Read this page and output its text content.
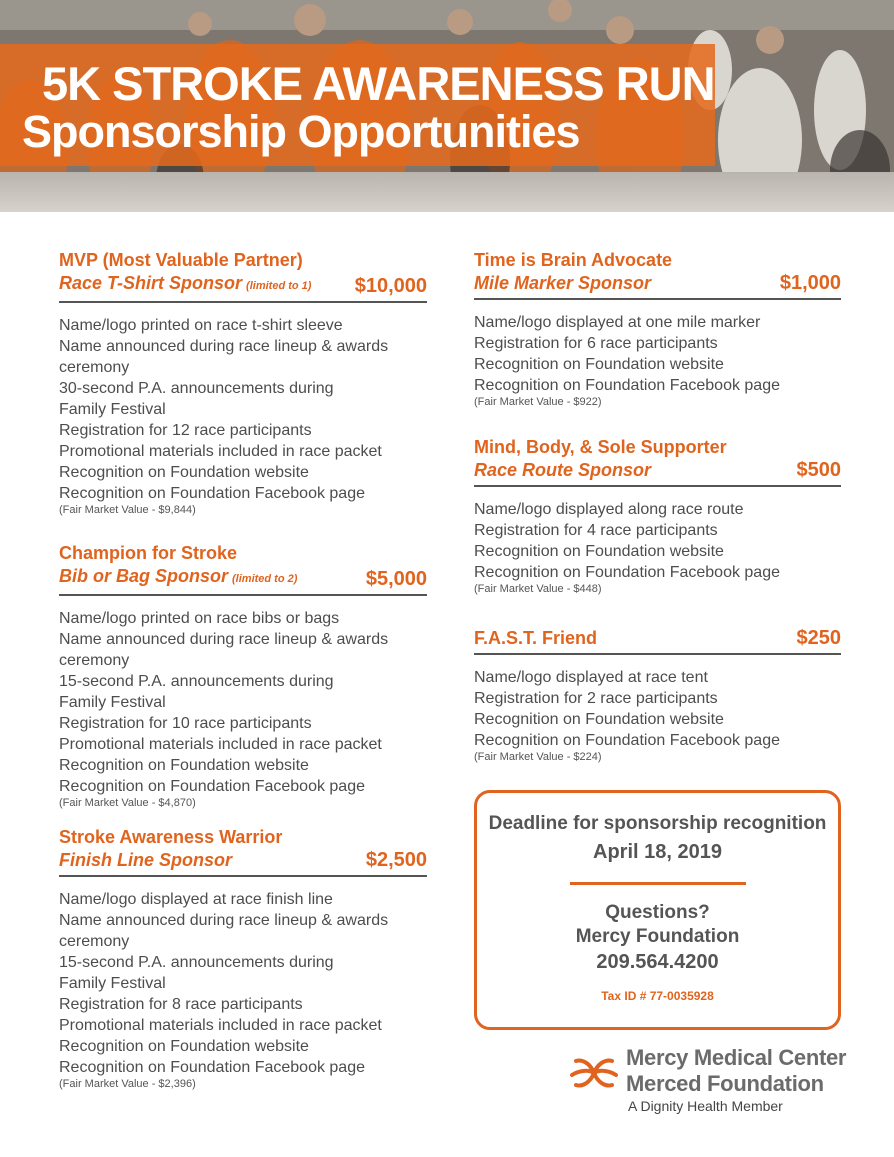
5K STROKE AWARENESS RUN
Sponsorship Opportunities
MVP (Most Valuable Partner)
Race T-Shirt Sponsor (limited to 1)	$10,000
Name/logo printed on race t-shirt sleeve
Name announced during race lineup & awards ceremony
30-second P.A. announcements during Family Festival
Registration for 12 race participants
Promotional materials included in race packet
Recognition on Foundation website
Recognition on Foundation Facebook page
(Fair Market Value - $9,844)
Champion for Stroke
Bib or Bag Sponsor (limited to 2)	$5,000
Name/logo printed on race bibs or bags
Name announced during race lineup & awards ceremony
15-second P.A. announcements during Family Festival
Registration for 10 race participants
Promotional materials included in race packet
Recognition on Foundation website
Recognition on Foundation Facebook page
(Fair Market Value - $4,870)
Stroke Awareness Warrior
Finish Line Sponsor	$2,500
Name/logo displayed at race finish line
Name announced during race lineup & awards ceremony
15-second P.A. announcements during Family Festival
Registration for 8 race participants
Promotional materials included in race packet
Recognition on Foundation website
Recognition on Foundation Facebook page
(Fair Market Value - $2,396)
Time is Brain Advocate
Mile Marker Sponsor	$1,000
Name/logo displayed at one mile marker
Registration for 6 race participants
Recognition on Foundation website
Recognition on Foundation Facebook page
(Fair Market Value - $922)
Mind, Body, & Sole Supporter
Race Route Sponsor	$500
Name/logo displayed along race route
Registration for 4 race participants
Recognition on Foundation website
Recognition on Foundation Facebook page
(Fair Market Value - $448)
F.A.S.T. Friend	$250
Name/logo displayed at race tent
Registration for 2 race participants
Recognition on Foundation website
Recognition on Foundation Facebook page
(Fair Market Value - $224)
Deadline for sponsorship recognition
April 18, 2019
Questions?
Mercy Foundation
209.564.4200
Tax ID # 77-0035928
Mercy Medical Center
Merced Foundation
A Dignity Health Member
